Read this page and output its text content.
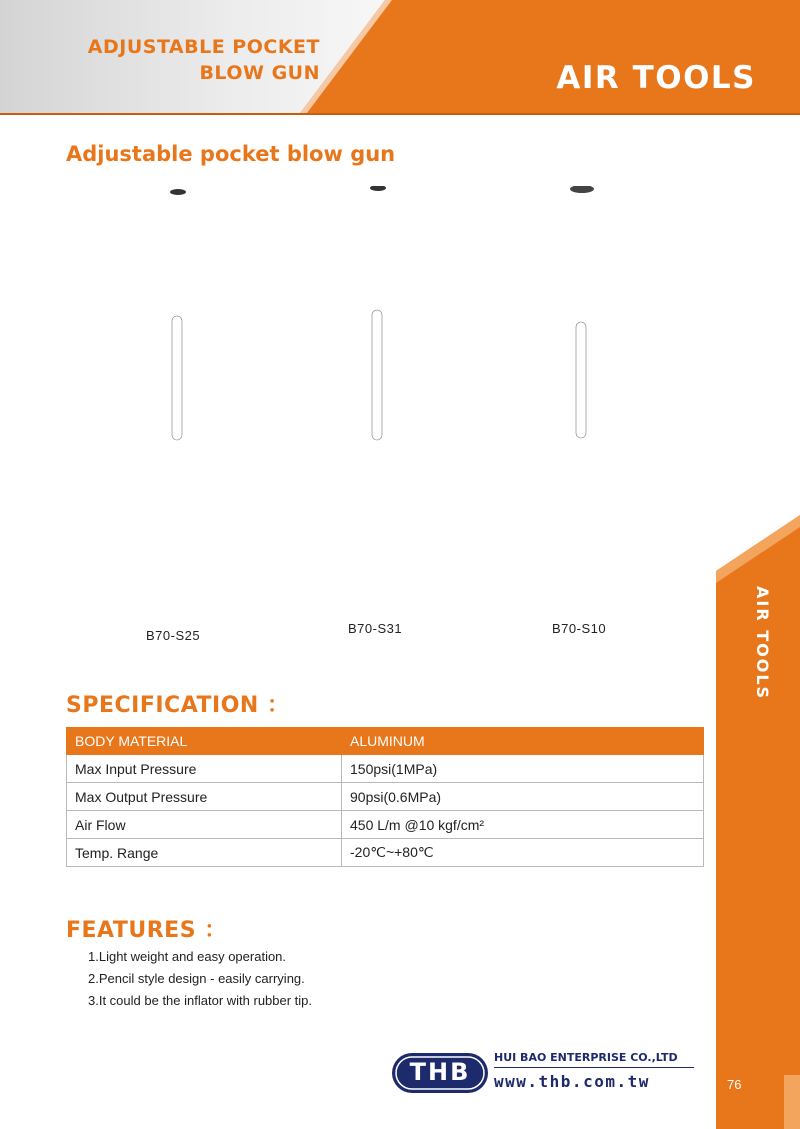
ADJUSTABLE POCKET
BLOW GUN	AIR TOOLS
Adjustable pocket blow gun
B70-S25	B70-S31	B70-S10
SPECIFICATION ：
BODY MATERIAL	ALUMINUM
Max Input Pressure	150psi(1MPa)
Max Output Pressure	90psi(0.6MPa)
Air Flow	450 L/m @10 kgf/cm²
Temp. Range	-20℃~+80℃
FEATURES ：
1.Light weight and easy operation.
2.Pencil style design - easily carrying.
3.It could be the inflator with rubber tip.
AIR TOOLS
76
THB
HUI BAO ENTERPRISE CO.,LTD
www.thb.com.tw
